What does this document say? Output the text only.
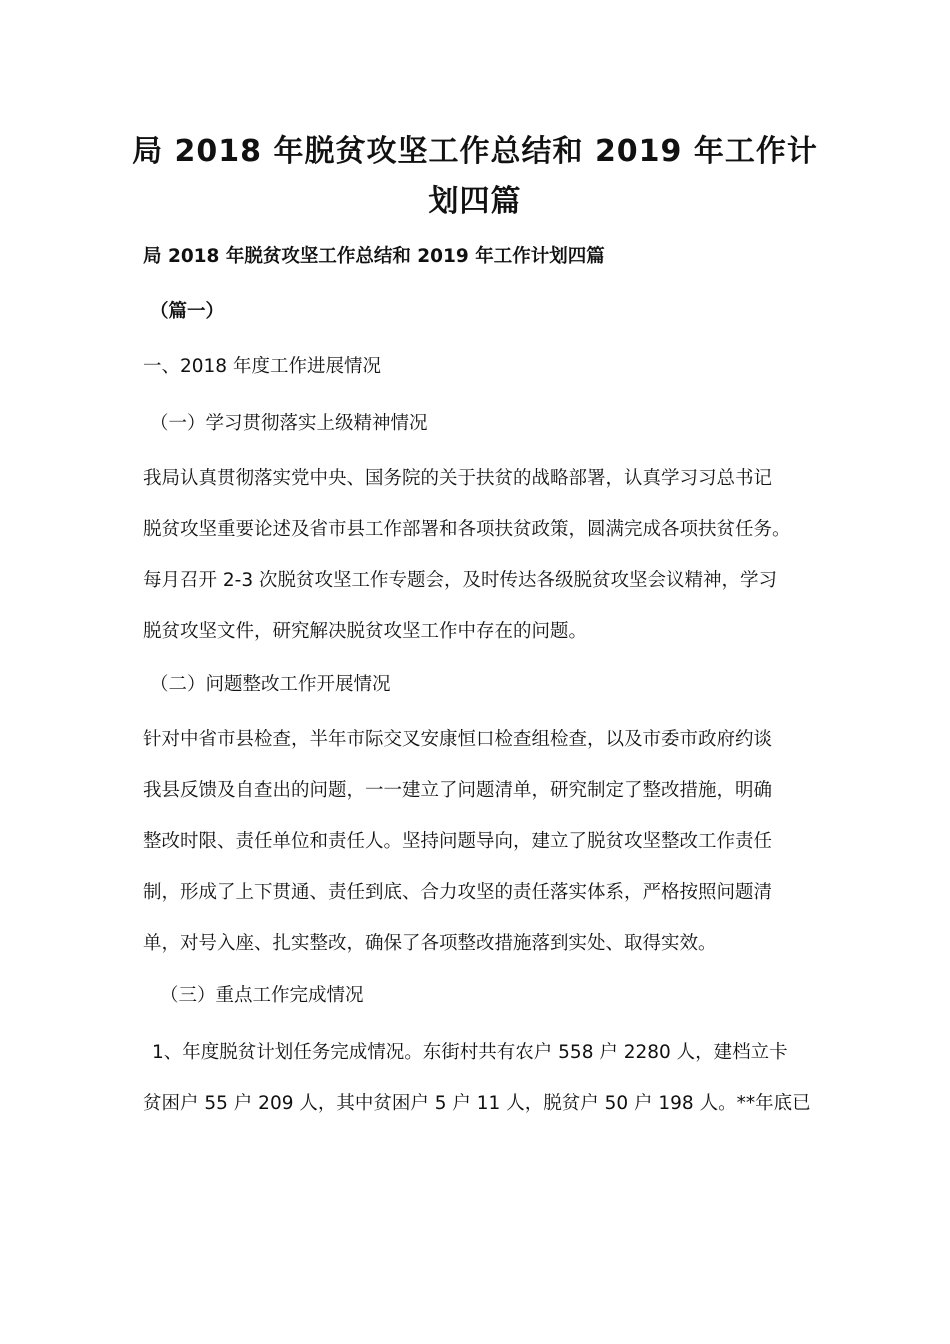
局 2018 年脱贫攻坚工作总结和 2019 年工作计
划四篇
局 2018 年脱贫攻坚工作总结和 2019 年工作计划四篇
（篇一）
一、2018 年度工作进展情况
（一）学习贯彻落实上级精神情况
我局认真贯彻落实党中央、国务院的关于扶贫的战略部署，认真学习习总书记
脱贫攻坚重要论述及省市县工作部署和各项扶贫政策，圆满完成各项扶贫任务。
每月召开 2-3 次脱贫攻坚工作专题会，及时传达各级脱贫攻坚会议精神，学习
脱贫攻坚文件，研究解决脱贫攻坚工作中存在的问题。
（二）问题整改工作开展情况
针对中省市县检查，半年市际交叉安康恒口检查组检查，以及市委市政府约谈
我县反馈及自查出的问题，一一建立了问题清单，研究制定了整改措施，明确
整改时限、责任单位和责任人。坚持问题导向，建立了脱贫攻坚整改工作责任
制，形成了上下贯通、责任到底、合力攻坚的责任落实体系，严格按照问题清
单，对号入座、扎实整改，确保了各项整改措施落到实处、取得实效。
（三）重点工作完成情况
1、年度脱贫计划任务完成情况。东街村共有农户 558 户 2280 人，建档立卡
贫困户 55 户 209 人，其中贫困户 5 户 11 人，脱贫户 50 户 198 人。**年底已
